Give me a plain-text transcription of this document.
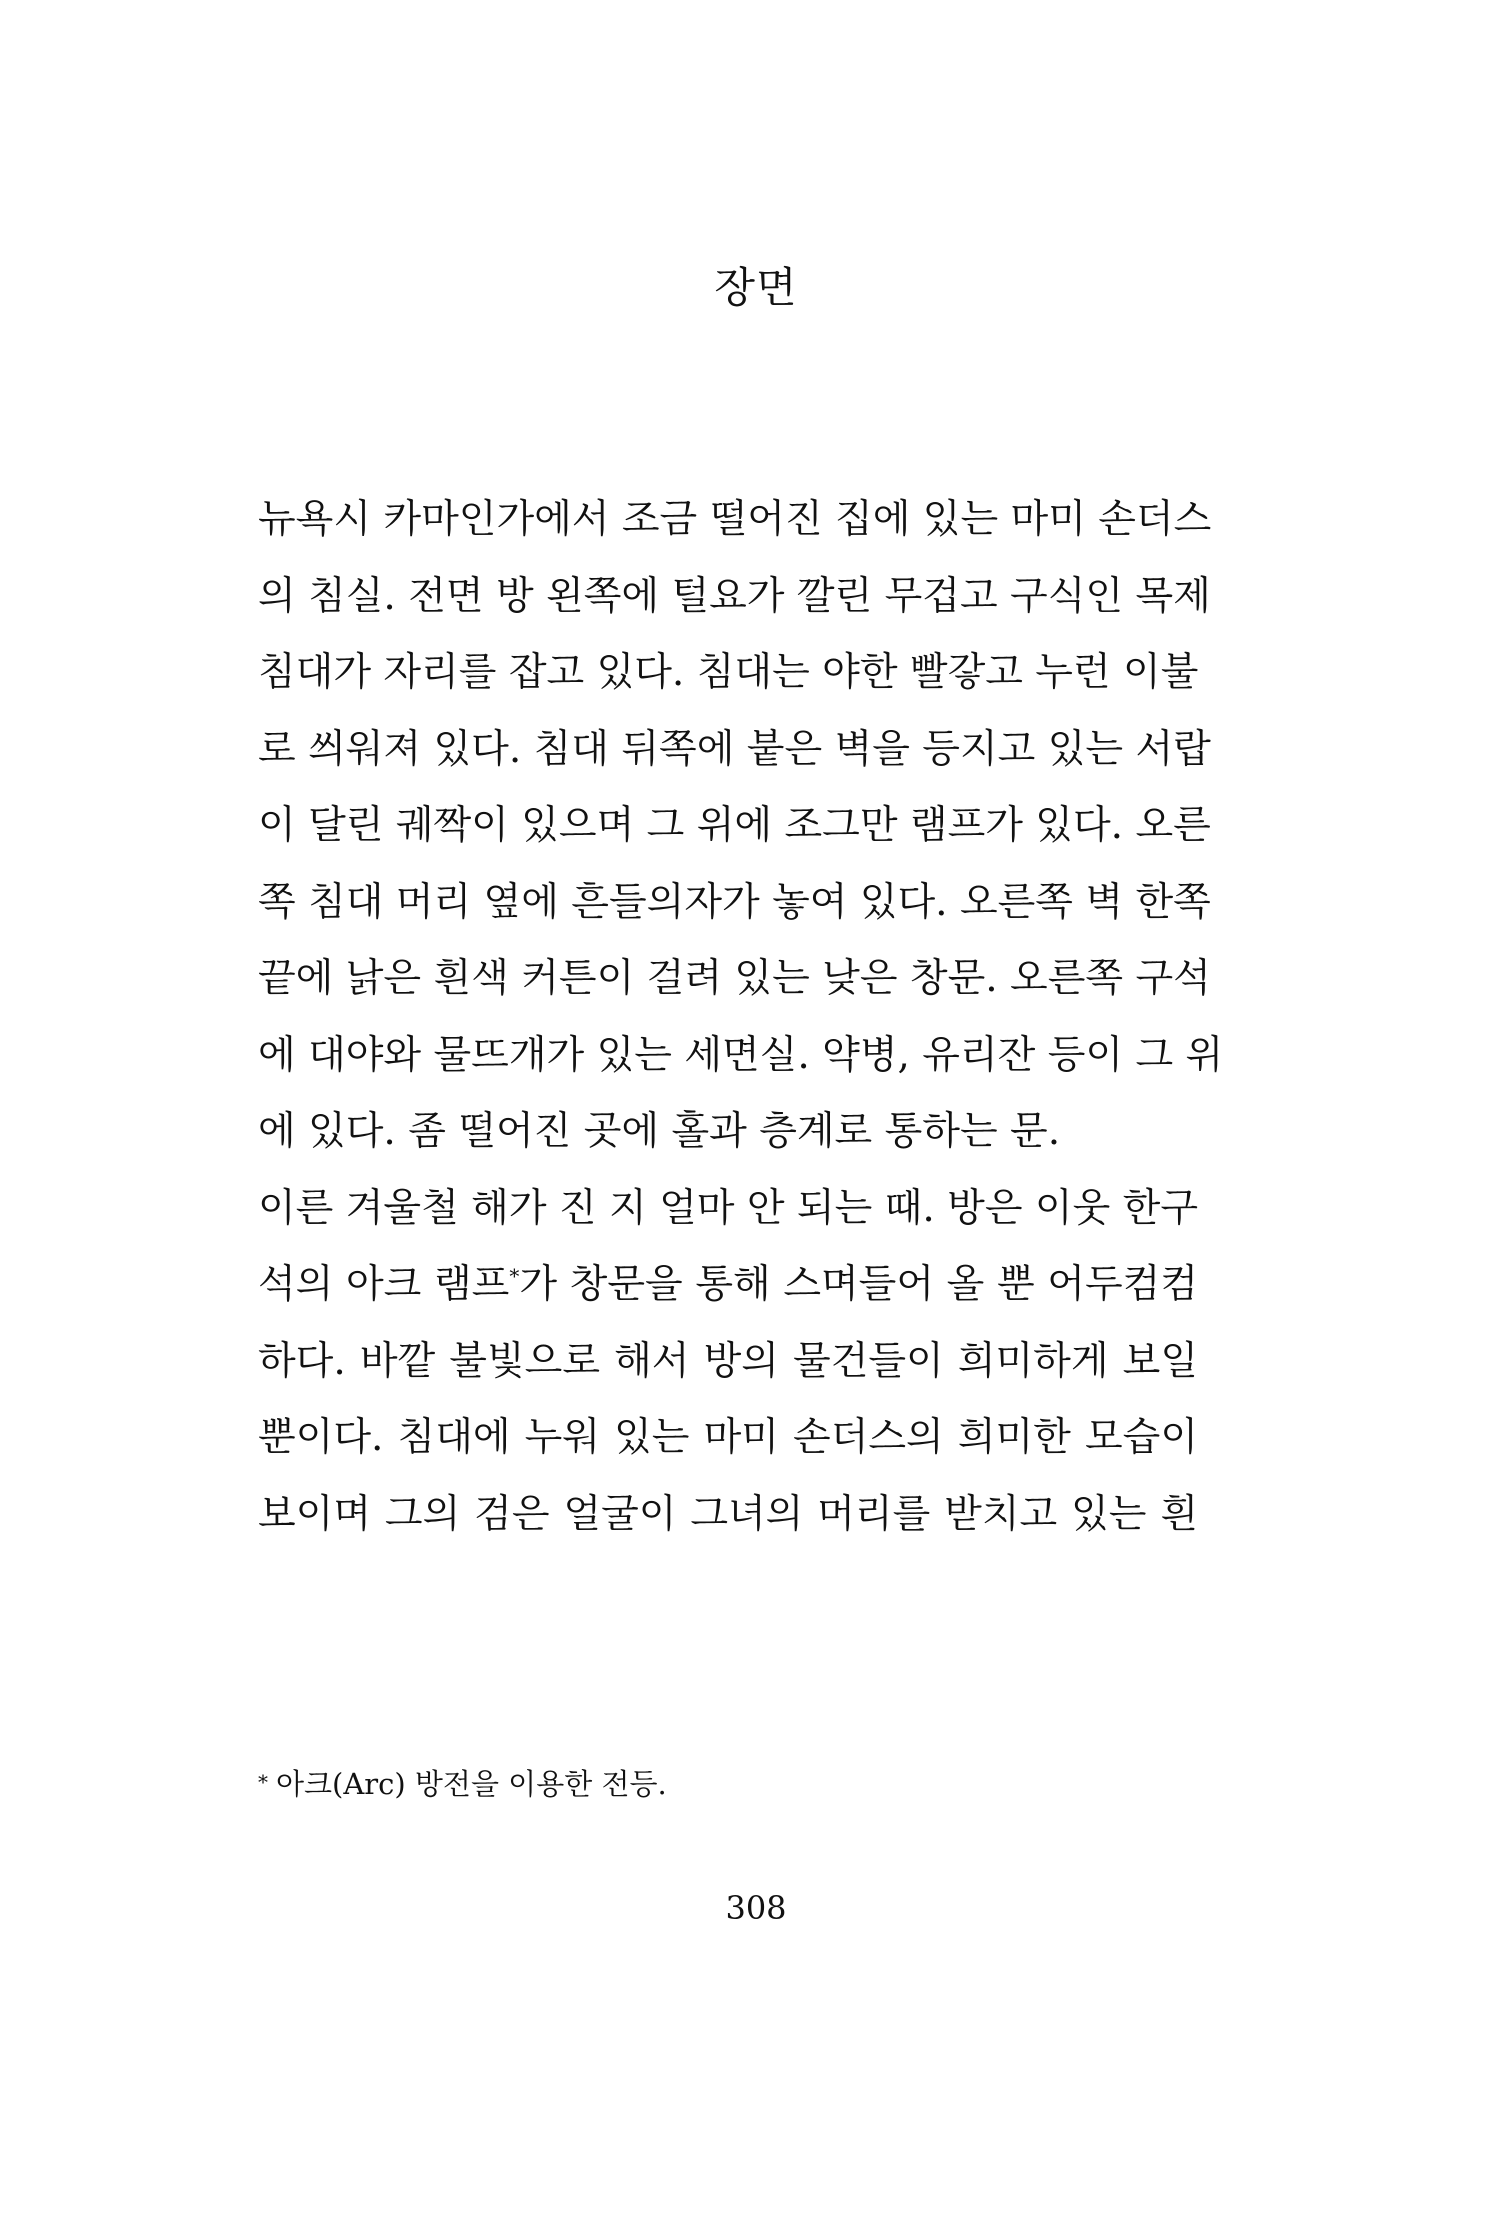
장면
뉴욕시 카마인가에서 조금 떨어진 집에 있는 마미 손더스
의 침실. 전면 방 왼쪽에 털요가 깔린 무겁고 구식인 목제
침대가 자리를 잡고 있다. 침대는 야한 빨갛고 누런 이불
로 씌워져 있다. 침대 뒤쪽에 붙은 벽을 등지고 있는 서랍
이 달린 궤짝이 있으며 그 위에 조그만 램프가 있다. 오른
쪽 침대 머리 옆에 흔들의자가 놓여 있다. 오른쪽 벽 한쪽
끝에 낡은 흰색 커튼이 걸려 있는 낮은 창문. 오른쪽 구석
에 대야와 물뜨개가 있는 세면실. 약병, 유리잔 등이 그 위
에 있다. 좀 떨어진 곳에 홀과 층계로 통하는 문.
이른 겨울철 해가 진 지 얼마 안 되는 때. 방은 이웃 한구
석의 아크 램프*가 창문을 통해 스며들어 올 뿐 어두컴컴
하다. 바깥 불빛으로 해서 방의 물건들이 희미하게 보일
뿐이다. 침대에 누워 있는 마미 손더스의 희미한 모습이
보이며 그의 검은 얼굴이 그녀의 머리를 받치고 있는 흰
* 아크(Arc) 방전을 이용한 전등.
308
